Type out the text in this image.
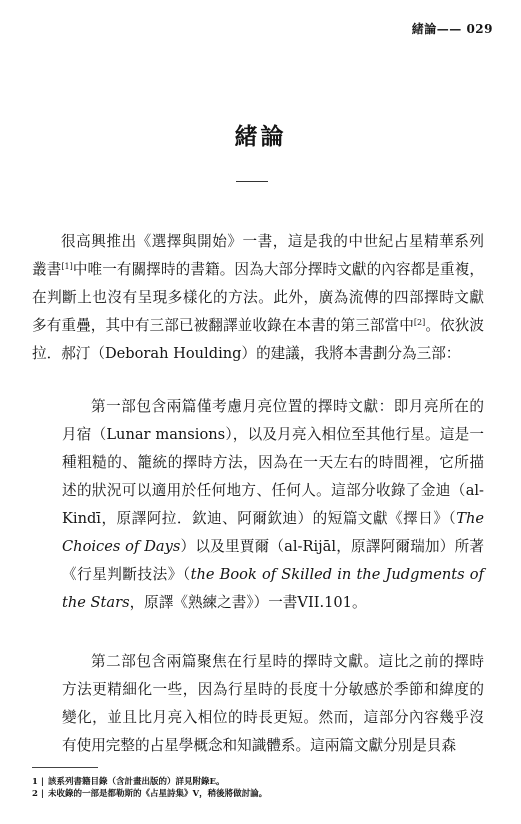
緒論—— 029
緒論
很高興推出《選擇與開始》一書，這是我的中世紀占星精華系列叢書[1]中唯一有關擇時的書籍。因為大部分擇時文獻的內容都是重複，在判斷上也沒有呈現多樣化的方法。此外，廣為流傳的四部擇時文獻多有重疊，其中有三部已被翻譯並收錄在本書的第三部當中[2]。依狄波拉．郝汀（Deborah Houlding）的建議，我將本書劃分為三部：
第一部包含兩篇僅考慮月亮位置的擇時文獻：即月亮所在的月宿（Lunar mansions），以及月亮入相位至其他行星。這是一種粗糙的、籠統的擇時方法，因為在一天左右的時間裡，它所描述的狀況可以適用於任何地方、任何人。這部分收錄了金迪（al-Kindī，原譯阿拉．欽迪、阿爾欽迪）的短篇文獻《擇日》（The Choices of Days）以及里賈爾（al-Rijāl，原譯阿爾瑞加）所著《行星判斷技法》（the Book of Skilled in the Judgments of the Stars，原譯《熟練之書》）一書VII.101。
第二部包含兩篇聚焦在行星時的擇時文獻。這比之前的擇時方法更精細化一些，因為行星時的長度十分敏感於季節和緯度的變化，並且比月亮入相位的時長更短。然而，這部分內容幾乎沒有使用完整的占星學概念和知識體系。這兩篇文獻分別是貝森
1 | 該系列書籍目錄（含計畫出版的）詳見附錄E。
2 | 未收錄的一部是都勒斯的《占星詩集》V，稍後將做討論。
